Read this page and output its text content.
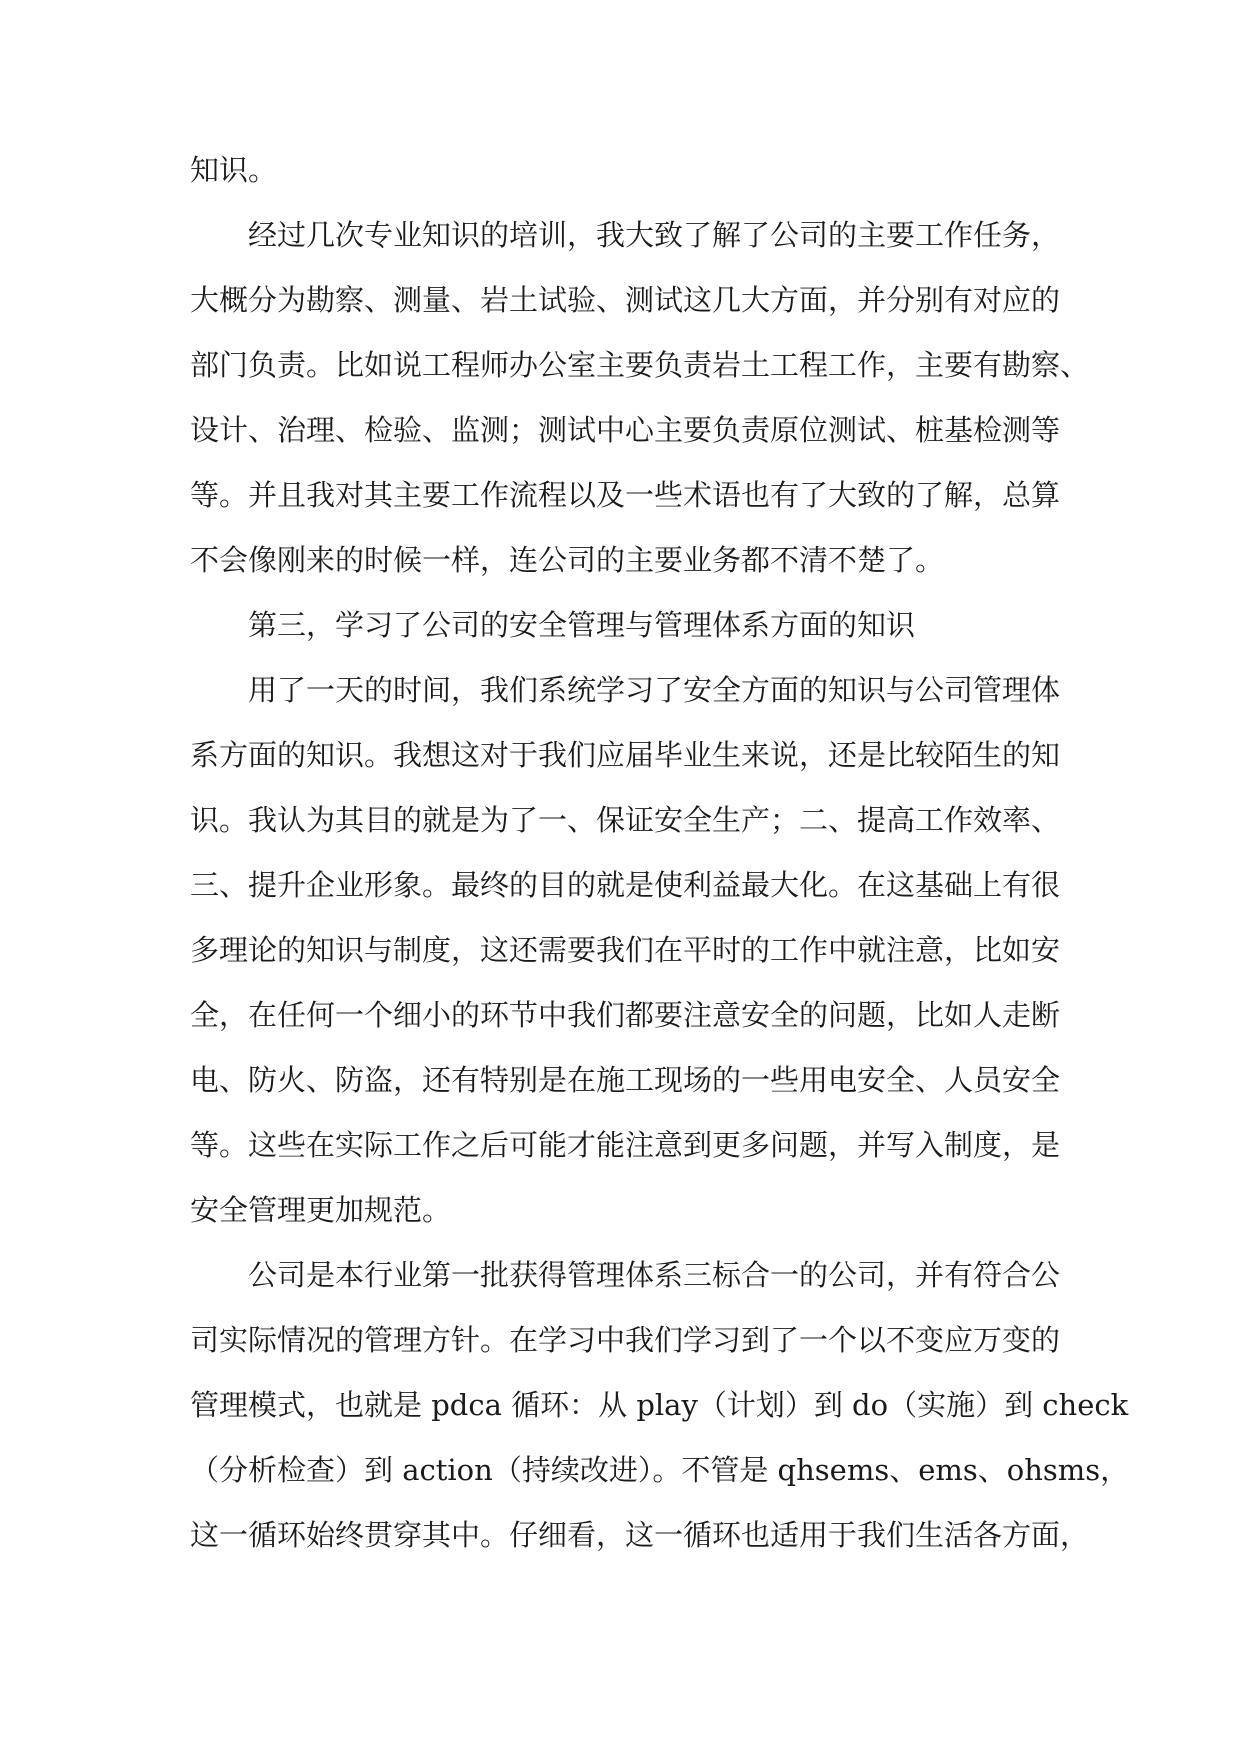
知识。

经过几次专业知识的培训，我大致了解了公司的主要工作任务，

大概分为勘察、测量、岩土试验、测试这几大方面，并分别有对应的

部门负责。比如说工程师办公室主要负责岩土工程工作，主要有勘察、

设计、治理、检验、监测；测试中心主要负责原位测试、桩基检测等

等。并且我对其主要工作流程以及一些术语也有了大致的了解，总算

不会像刚来的时候一样，连公司的主要业务都不清不楚了。

第三，学习了公司的安全管理与管理体系方面的知识

用了一天的时间，我们系统学习了安全方面的知识与公司管理体

系方面的知识。我想这对于我们应届毕业生来说，还是比较陌生的知

识。我认为其目的就是为了一、保证安全生产；二、提高工作效率、

三、提升企业形象。最终的目的就是使利益最大化。在这基础上有很

多理论的知识与制度，这还需要我们在平时的工作中就注意，比如安

全，在任何一个细小的环节中我们都要注意安全的问题，比如人走断

电、防火、防盗，还有特别是在施工现场的一些用电安全、人员安全

等。这些在实际工作之后可能才能注意到更多问题，并写入制度，是

安全管理更加规范。

公司是本行业第一批获得管理体系三标合一的公司，并有符合公

司实际情况的管理方针。在学习中我们学习到了一个以不变应万变的

管理模式，也就是 pdca 循环：从 play（计划）到 do（实施）到 check

（分析检查）到 action（持续改进）。不管是 qhsems、ems、ohsms，

这一循环始终贯穿其中。仔细看，这一循环也适用于我们生活各方面，
